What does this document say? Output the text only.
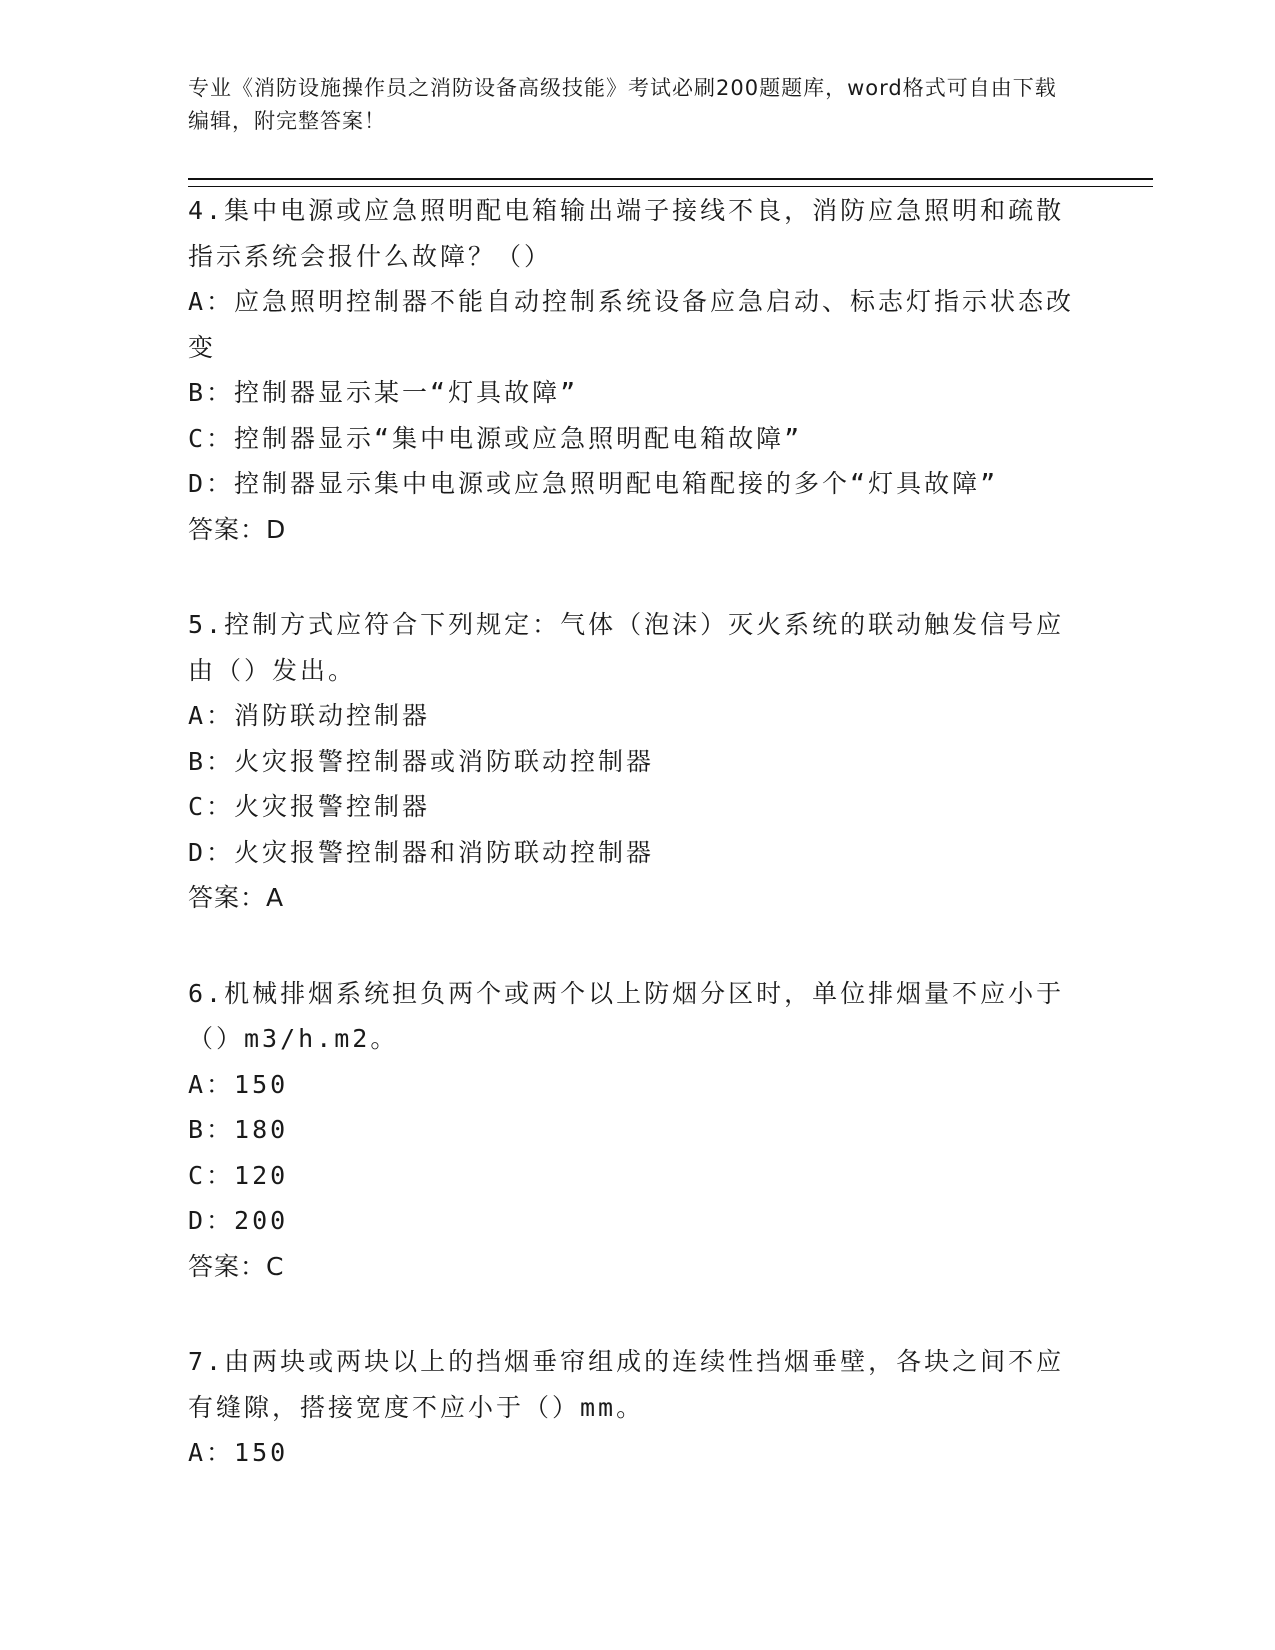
专业《消防设施操作员之消防设备高级技能》考试必刷200题题库，word格式可自由下载编辑，附完整答案！

4.集中电源或应急照明配电箱输出端子接线不良，消防应急照明和疏散指示系统会报什么故障？（）

A：应急照明控制器不能自动控制系统设备应急启动、标志灯指示状态改变

B：控制器显示某一“灯具故障”

C：控制器显示“集中电源或应急照明配电箱故障”

D：控制器显示集中电源或应急照明配电箱配接的多个“灯具故障”

答案：D

5.控制方式应符合下列规定：气体（泡沫）灭火系统的联动触发信号应由（）发出。

A：消防联动控制器

B：火灾报警控制器或消防联动控制器

C：火灾报警控制器

D：火灾报警控制器和消防联动控制器

答案：A

6.机械排烟系统担负两个或两个以上防烟分区时，单位排烟量不应小于（）m3/h.m2。

A：150

B：180

C：120

D：200

答案：C

7.由两块或两块以上的挡烟垂帘组成的连续性挡烟垂壁，各块之间不应有缝隙，搭接宽度不应小于（）mm。

A：150
